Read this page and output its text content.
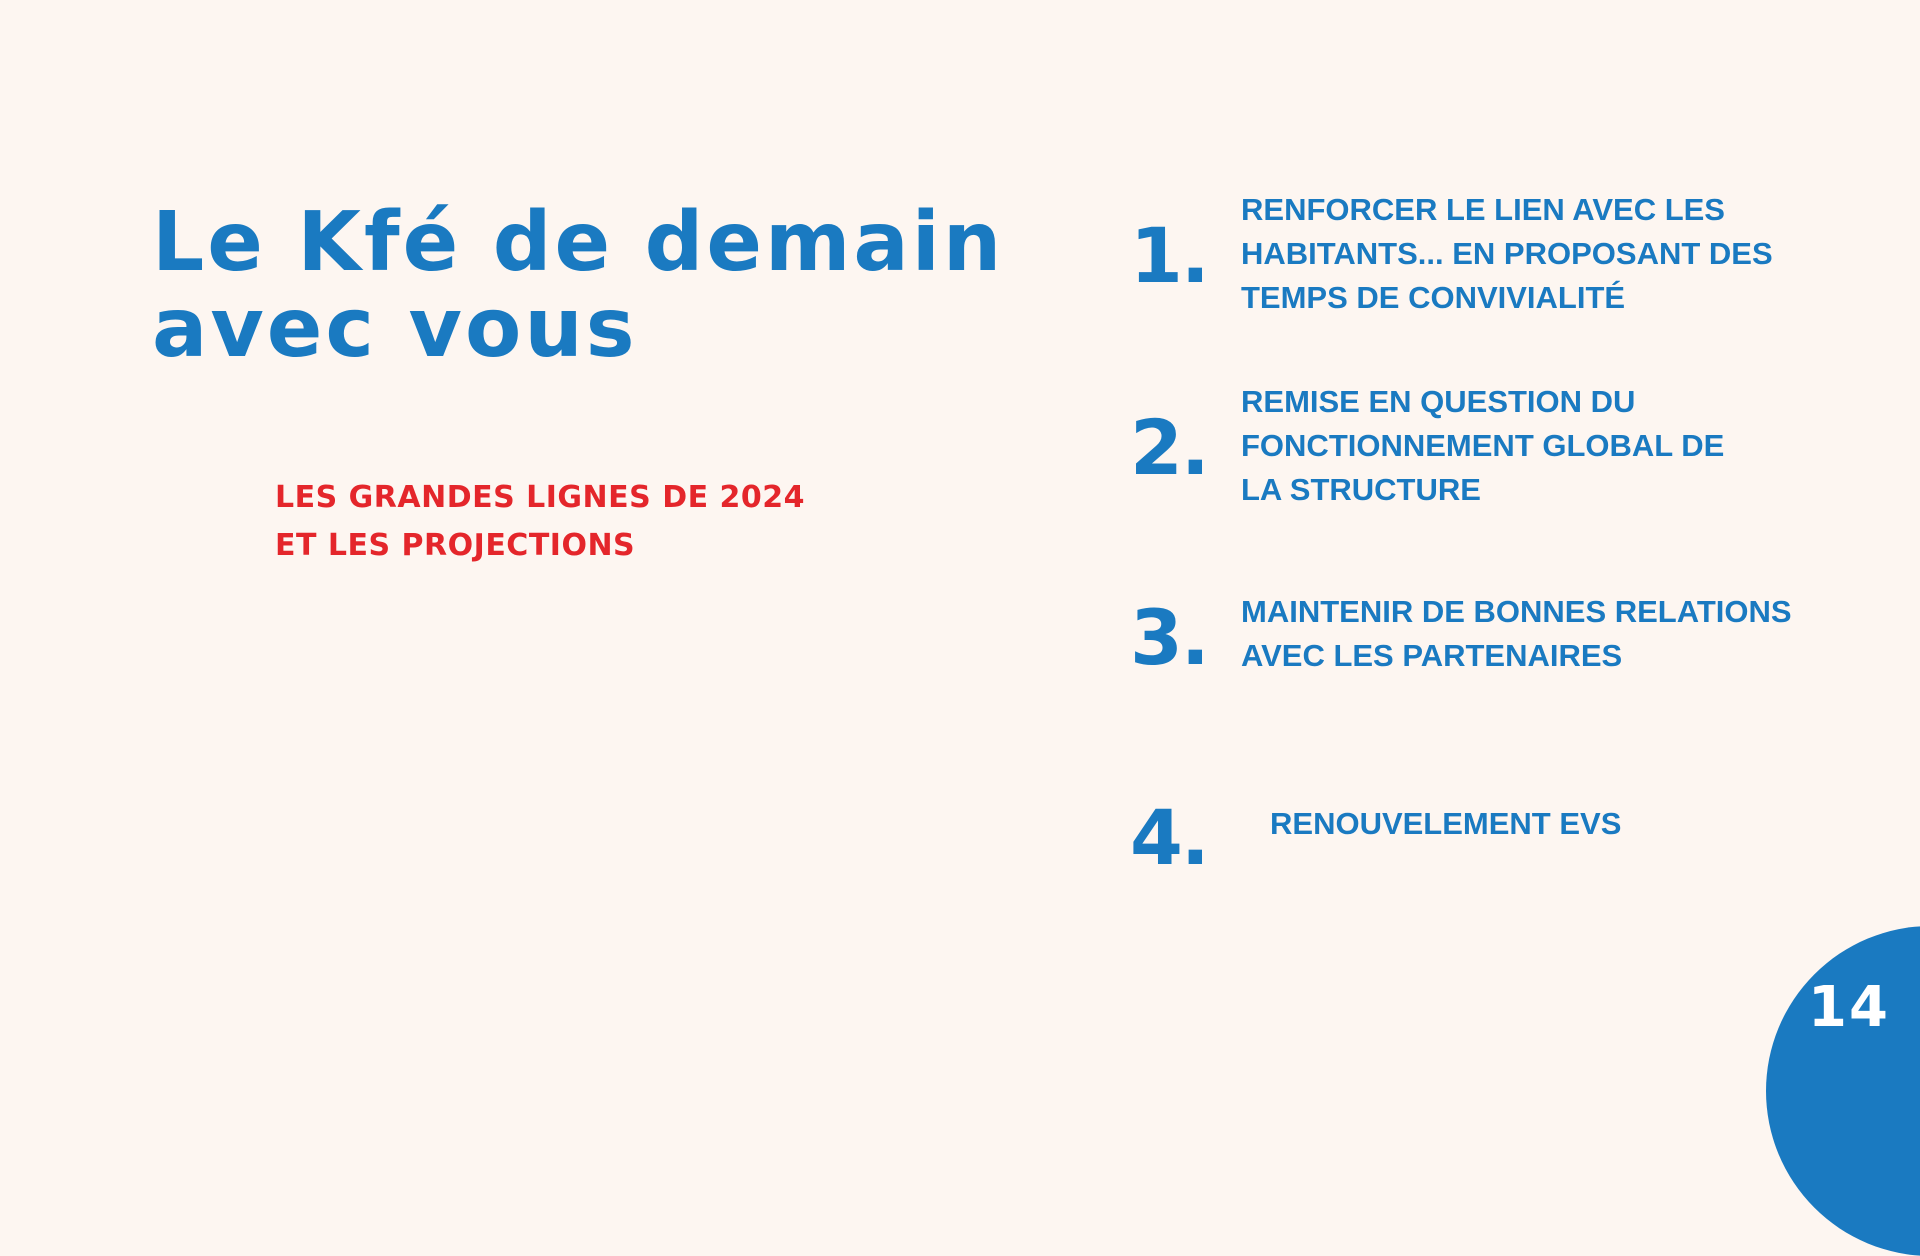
Le Kfé de demain
avec vous
LES GRANDES LIGNES DE 2024
ET LES PROJECTIONS
1.
RENFORCER LE LIEN AVEC LES
HABITANTS... EN PROPOSANT DES
TEMPS DE CONVIVIALITÉ
2.
REMISE EN QUESTION DU
FONCTIONNEMENT GLOBAL DE
LA STRUCTURE
3. MAINTENIR DE BONNES RELATIONS
AVEC LES PARTENAIRES
4. RENOUVELEMENT EVS
14
